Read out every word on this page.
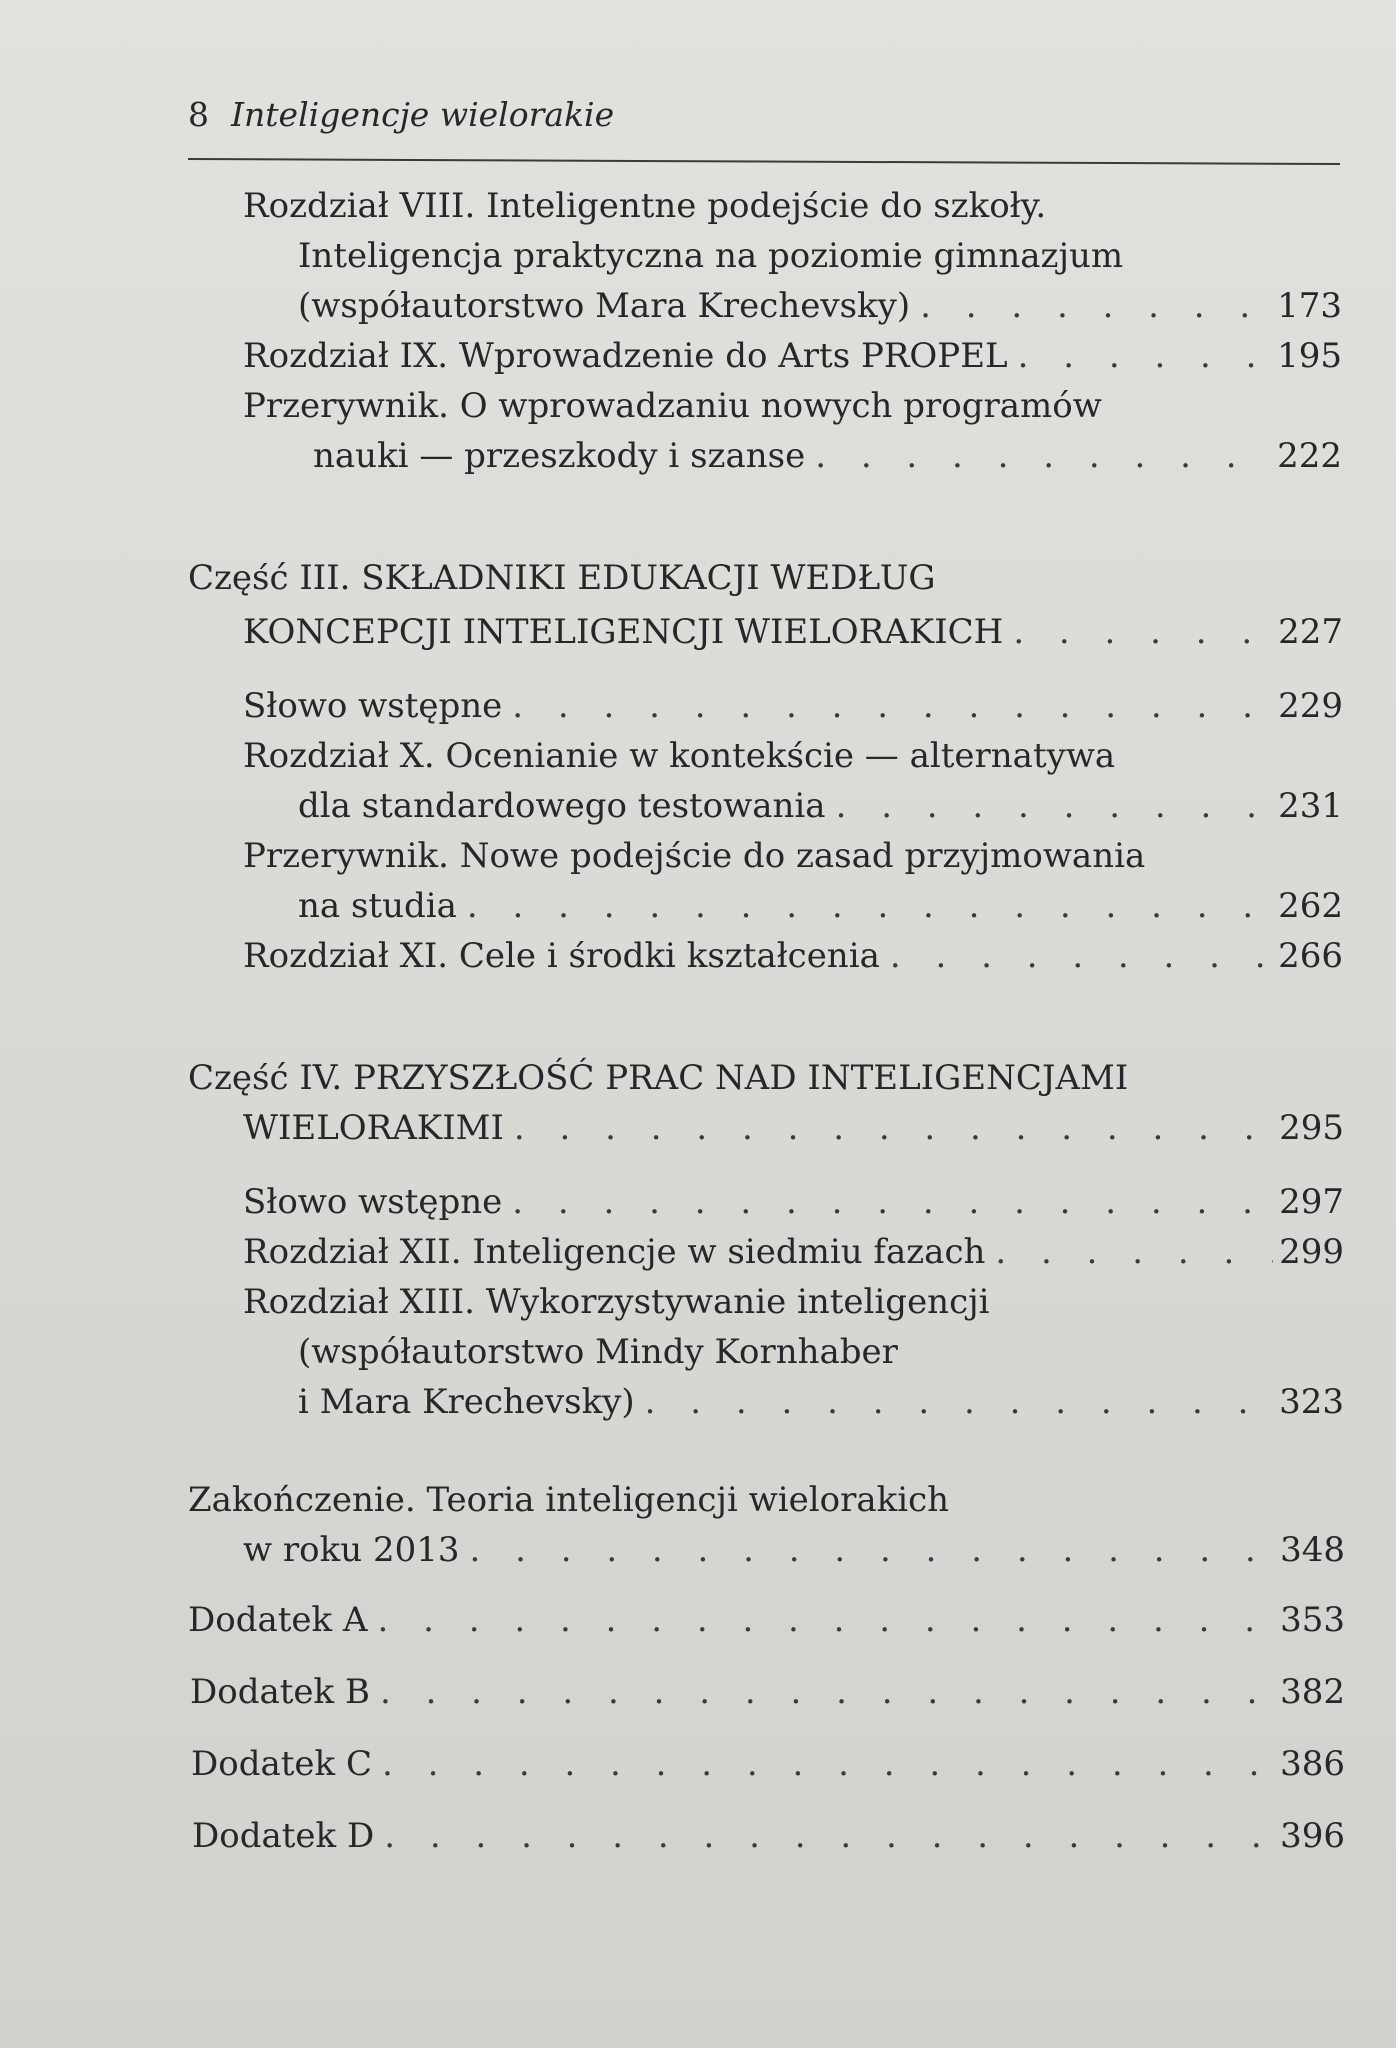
8 Inteligencje wielorakie
Rozdział VIII. Inteligentne podejście do szkoły.
Inteligencja praktyczna na poziomie gimnazjum
(współautorstwo Mara Krechevsky) . . .	173
Rozdział IX. Wprowadzenie do Arts PROPEL . . .	195
Przerywnik. O wprowadzaniu nowych programów
nauki — przeszkody i szanse . . .	222
Część III. SKŁADNIKI EDUKACJI WEDŁUG
KONCEPCJI INTELIGENCJI WIELORAKICH . . .	227
Słowo wstępne . . .	229
Rozdział X. Ocenianie w kontekście — alternatywa
dla standardowego testowania . . .	231
Przerywnik. Nowe podejście do zasad przyjmowania
na studia . . .	262
Rozdział XI. Cele i środki kształcenia . . .	266
Część IV. PRZYSZŁOŚĆ PRAC NAD INTELIGENCJAMI
WIELORAKIMI . . .	295
Słowo wstępne . . .	297
Rozdział XII. Inteligencje w siedmiu fazach . . .	299
Rozdział XIII. Wykorzystywanie inteligencji
(współautorstwo Mindy Kornhaber
i Mara Krechevsky) . . .	323
Zakończenie. Teoria inteligencji wielorakich
w roku 2013 . . .	348
Dodatek A . . .	353
Dodatek B . . .	382
Dodatek C . . .	386
Dodatek D . . .	396
